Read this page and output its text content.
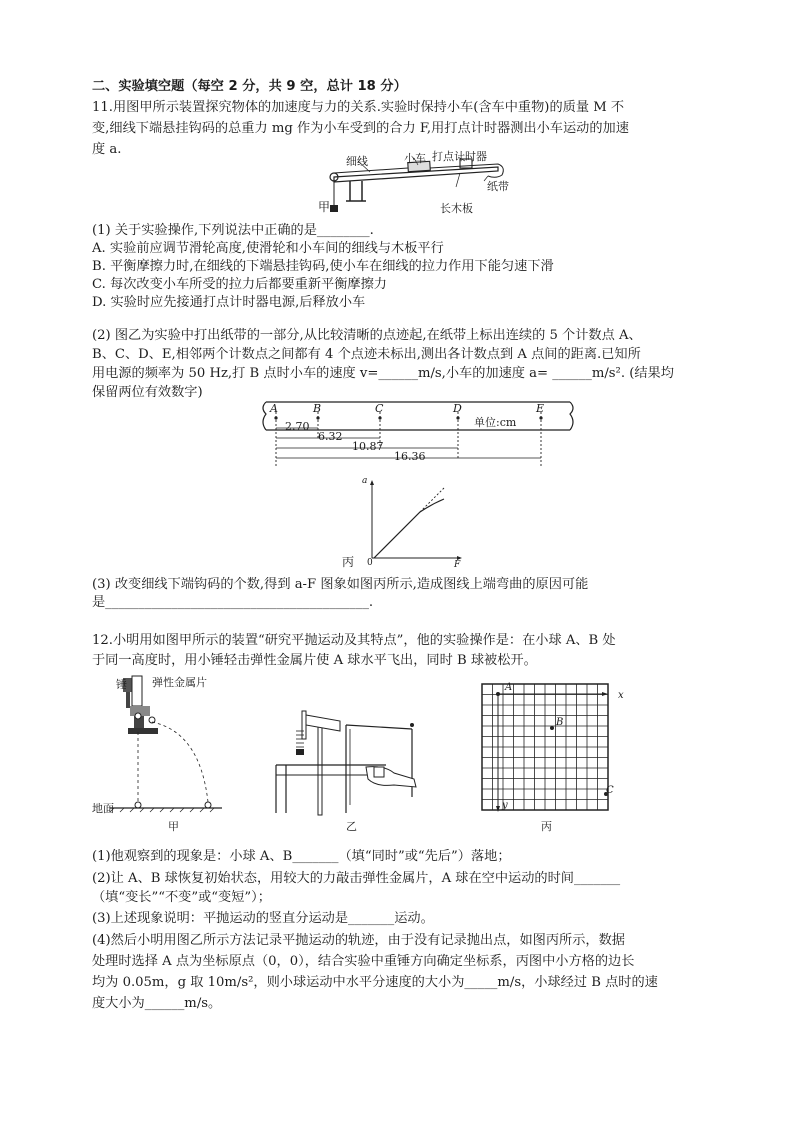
二、实验填空题（每空 2 分，共 9 空，总计 18 分）
11.用图甲所示装置探究物体的加速度与力的关系.实验时保持小车(含车中重物)的质量 M 不
变,细线下端悬挂钩码的总重力 mg 作为小车受到的合力 F,用打点计时器测出小车运动的加速
度 a.
细线	小车 打点计时器
纸带
长木板
甲
(1) 关于实验操作,下列说法中正确的是________.
A. 实验前应调节滑轮高度,使滑轮和小车间的细线与木板平行
B. 平衡摩擦力时,在细线的下端悬挂钩码,使小车在细线的拉力作用下能匀速下滑
C. 每次改变小车所受的拉力后都要重新平衡摩擦力
D. 实验时应先接通打点计时器电源,后释放小车
(2) 图乙为实验中打出纸带的一部分,从比较清晰的点迹起,在纸带上标出连续的 5 个计数点 A、
B、C、D、E,相邻两个计数点之间都有 4 个点迹未标出,测出各计数点到 A 点间的距离.已知所
用电源的频率为 50 Hz,打 B 点时小车的速度 v=______m/s,小车的加速度 a= ______m/s². (结果均
保留两位有效数字)
A	B	C	D	E
单位:cm
2.70
6.32
10.87
16.36
a
F
0
丙
(3) 改变细线下端钩码的个数,得到 a-F 图象如图丙所示,造成图线上端弯曲的原因可能
是________________________________________.
12.小明用如图甲所示的装置“研究平抛运动及其特点”，他的实验操作是：在小球 A、B 处
于同一高度时，用小锤轻击弹性金属片使 A 球水平飞出，同时 B 球被松开。
锤 弹性金属片
地面
甲	乙
A
B
C
x
y
丙
(1)他观察到的现象是：小球 A、B_______（填“同时”或“先后”）落地；
(2)让 A、B 球恢复初始状态，用较大的力敲击弹性金属片，A 球在空中运动的时间_______
（填“变长”“不变”或“变短”）；
(3)上述现象说明：平抛运动的竖直分运动是_______运动。
(4)然后小明用图乙所示方法记录平抛运动的轨迹，由于没有记录抛出点，如图丙所示，数据
处理时选择 A 点为坐标原点（0，0），结合实验中重锤方向确定坐标系，丙图中小方格的边长
均为 0.05m，g 取 10m/s²，则小球运动中水平分速度的大小为_____m/s，小球经过 B 点时的速
度大小为______m/s。
